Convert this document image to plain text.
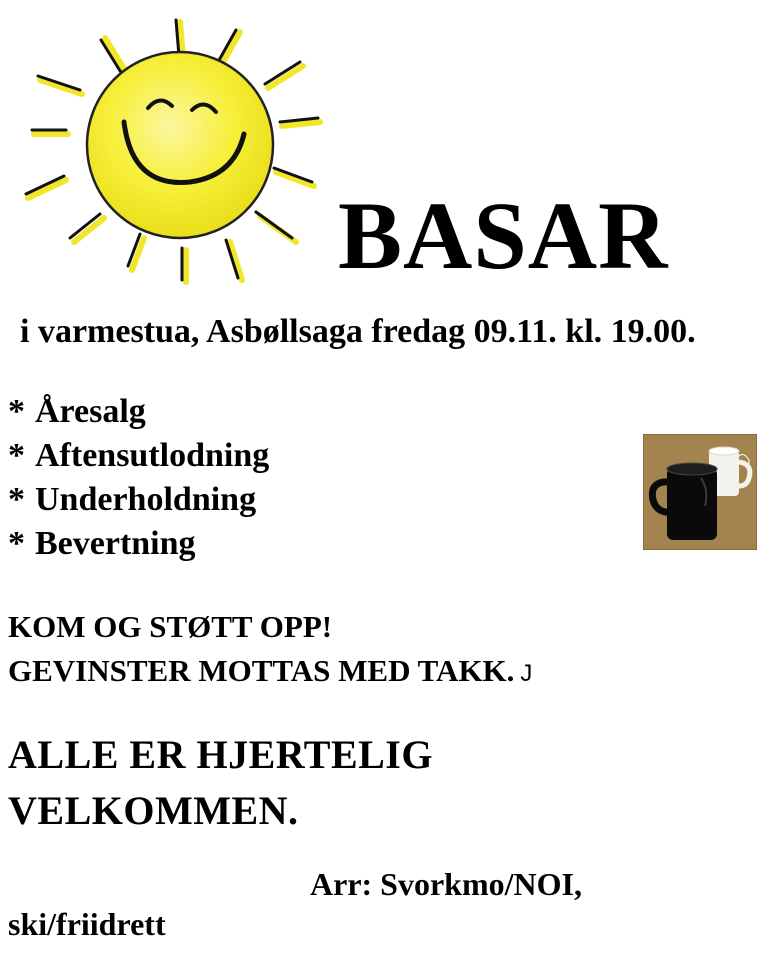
BASAR
i varmestua, Asbøllsaga fredag 09.11. kl. 19.00.
* Åresalg
* Aftensutlodning
* Underholdning
* Bevertning
KOM OG STØTT OPP!
GEVINSTER MOTTAS MED TAKK. J
ALLE ER HJERTELIG
VELKOMMEN.
Arr: Svorkmo/NOI,
ski/friidrett
